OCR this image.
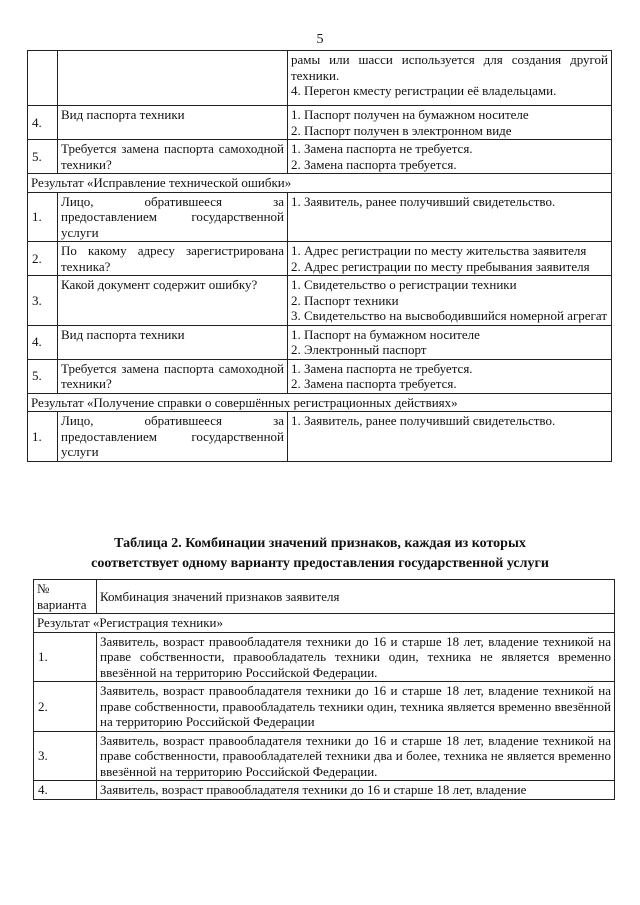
5

		рамы или шасси используется для создания другой
техники.
4. Перегон кместу регистрации её владельцами.

4.	Вид паспорта техники	1. Паспорт получен на бумажном носителе
2. Паспорт получен в электронном виде

5.	Требуется замена паспорта самоходной техники?	1. Замена паспорта не требуется.
2. Замена паспорта требуется.

Результат «Исправление технической ошибки»		
1.	Лицо, обратившееся за предоставлением государственной услуги	1. Заявитель, ранее получивший свидетельство.

2.	По какому адресу зарегистрирована техника?	1. Адрес регистрации по месту жительства заявителя
2. Адрес регистрации по месту пребывания заявителя

3.	Какой документ содержит ошибку?	1. Свидетельство о регистрации техники
2. Паспорт техники
3. Свидетельство на высвободившийся номерной агрегат

4.	Вид паспорта техники	1. Паспорт на бумажном носителе
2. Электронный паспорт

5.	Требуется замена паспорта самоходной техники?	1. Замена паспорта не требуется.
2. Замена паспорта требуется.

Результат «Получение справки о совершённых регистрационных действиях»		
1.	Лицо, обратившееся за предоставлением государственной услуги	1. Заявитель, ранее получивший свидетельство.
Таблица 2. Комбинации значений признаков, каждая из которых
соответствует одному варианту предоставления государственной услуги
№ варианта	Комбинация значений признаков заявителя
Результат «Регистрация техники»	
1.	Заявитель, возраст правообладателя техники до 16 и старше 18 лет, владение техникой на праве собственности, правообладатель техники один, техника не является временно ввезённой на территорию Российской Федерации.
2.	Заявитель, возраст правообладателя техники до 16 и старше 18 лет, владение техникой на праве собственности, правообладатель техники один, техника является временно ввезённой на территорию Российской Федерации
3.	Заявитель, возраст правообладателя техники до 16 и старше 18 лет, владение техникой на праве собственности, правообладателей техники два и более, техника не является временно ввезённой на территорию Российской Федерации.
4.	Заявитель, возраст правообладателя техники до 16 и старше 18 лет, владение
